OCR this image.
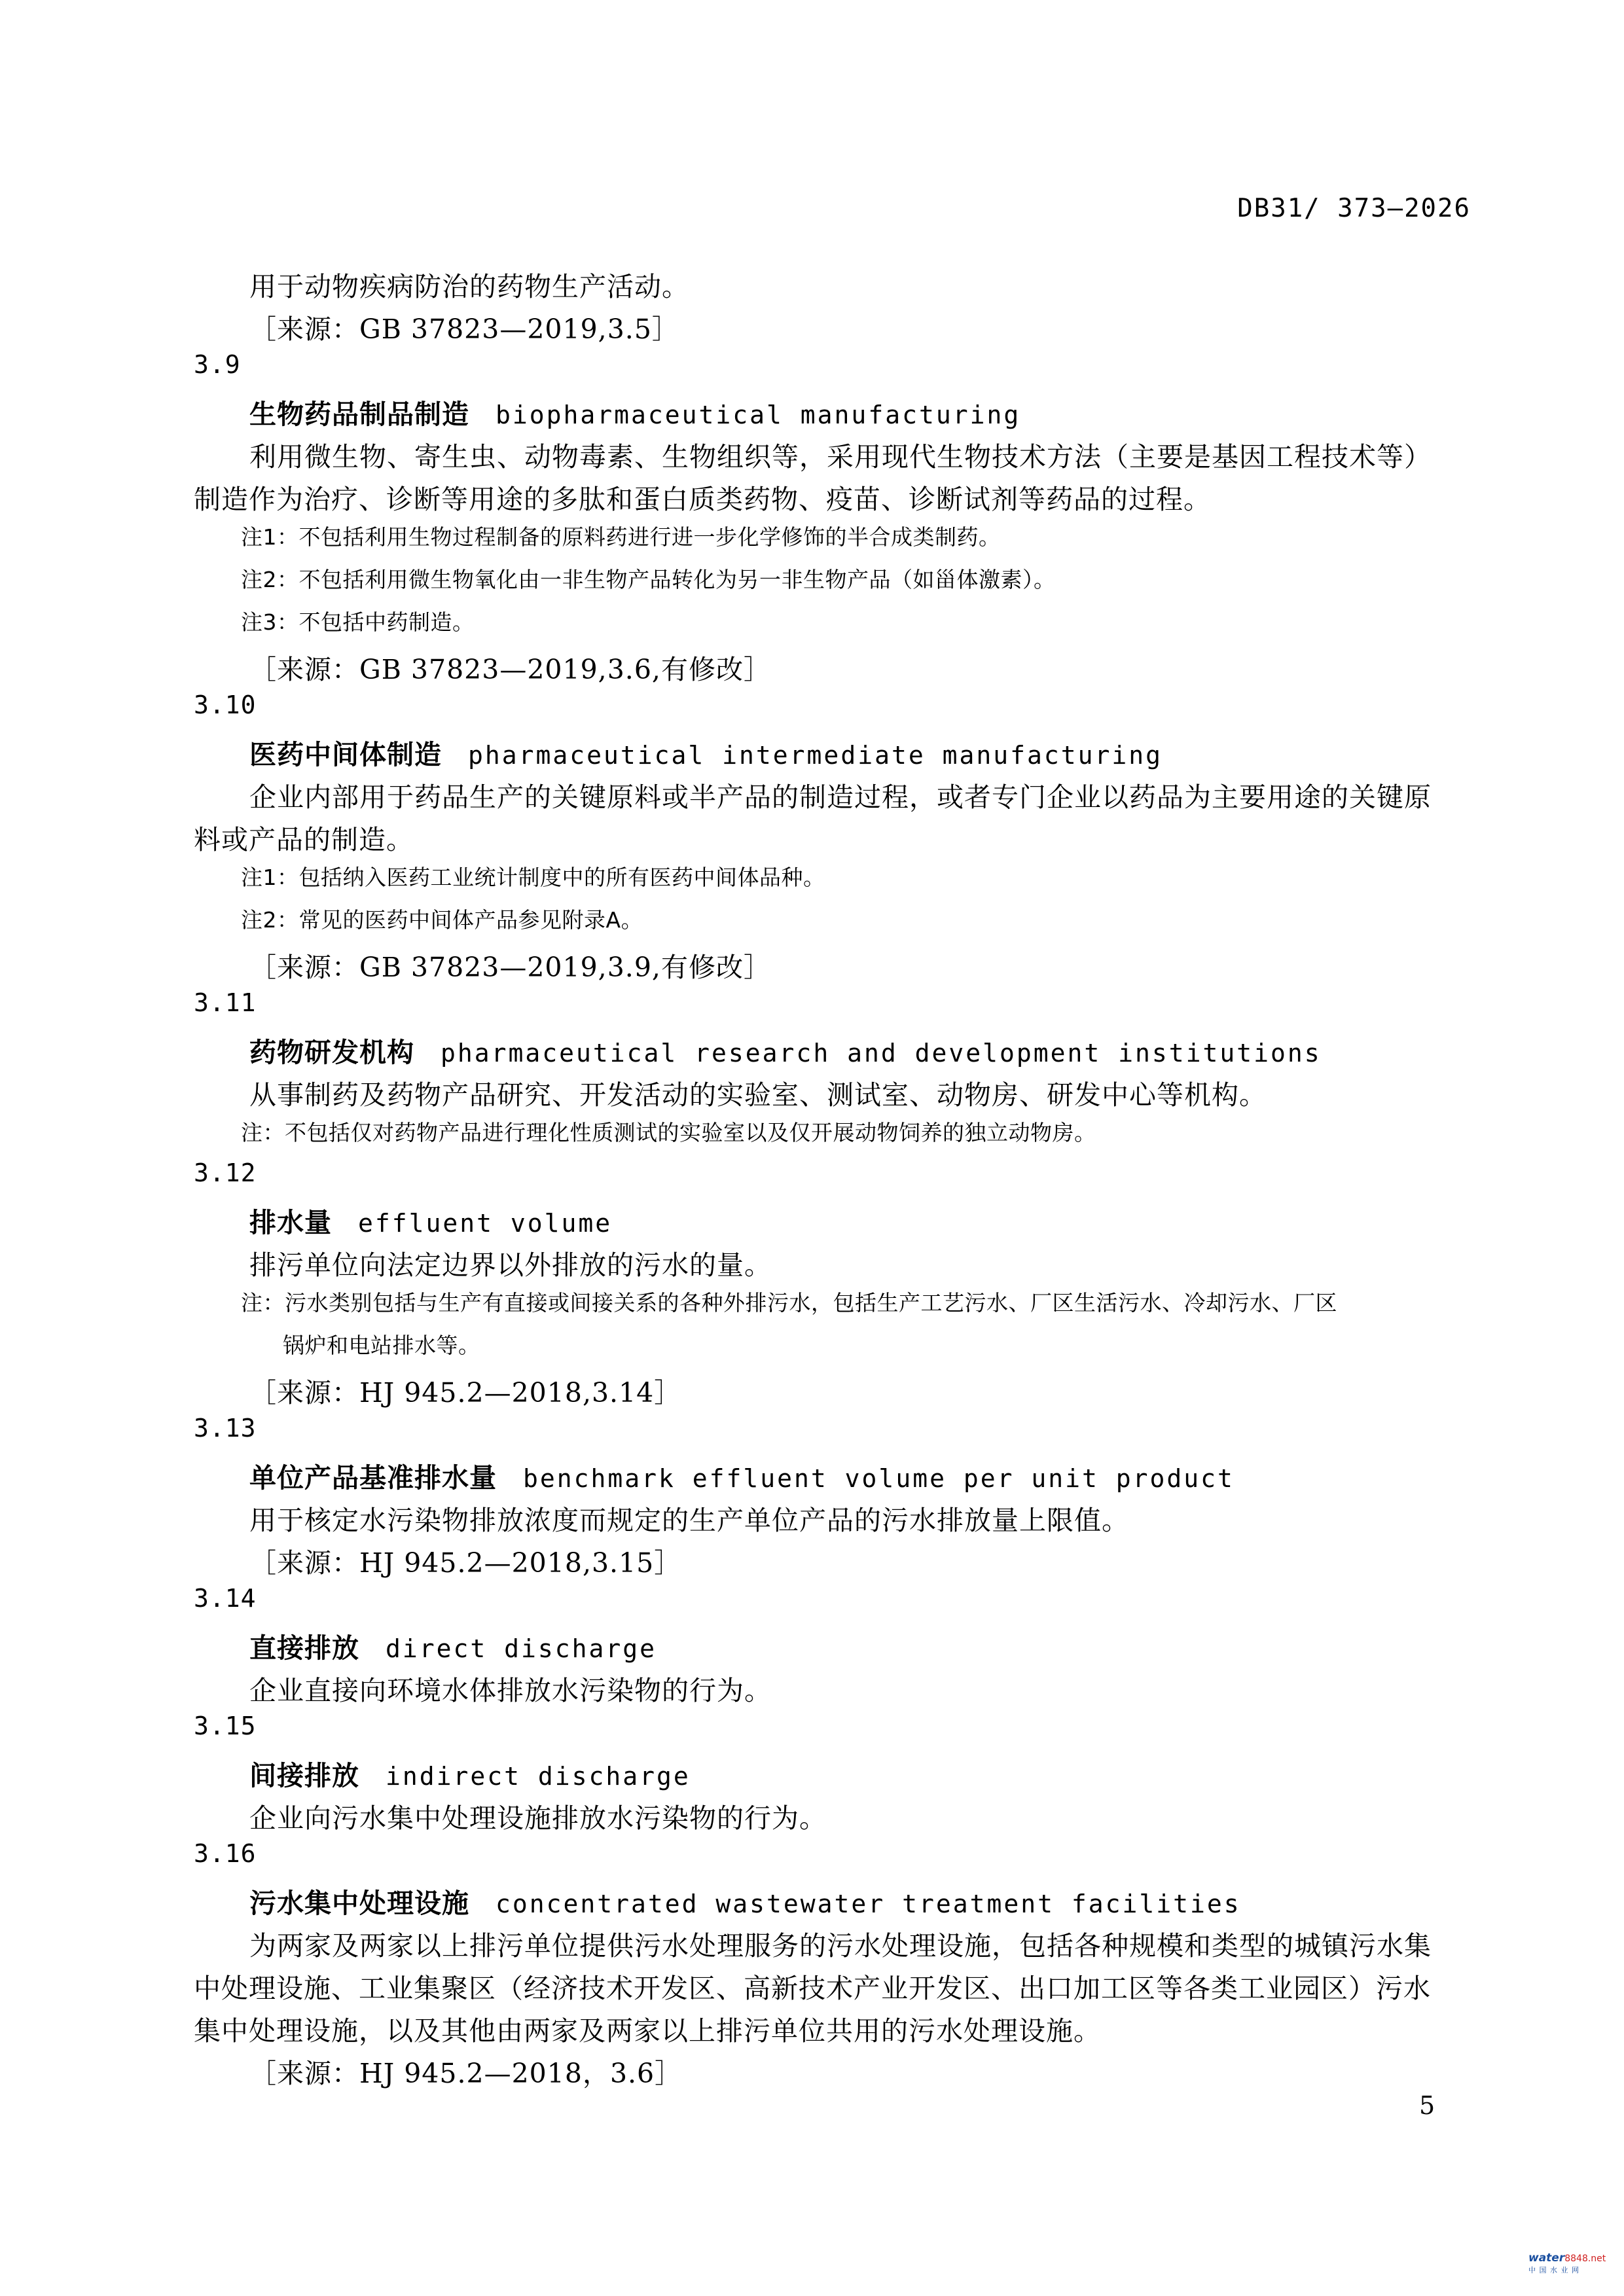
DB31/ 373—2026
用于动物疾病防治的药物生产活动。
［来源：GB 37823—2019,3.5］
3.9
生物药品制品制造 biopharmaceutical manufacturing
利用微生物、寄生虫、动物毒素、生物组织等，采用现代生物技术方法（主要是基因工程技术等）
制造作为治疗、诊断等用途的多肽和蛋白质类药物、疫苗、诊断试剂等药品的过程。
注1：不包括利用生物过程制备的原料药进行进一步化学修饰的半合成类制药。
注2：不包括利用微生物氧化由一非生物产品转化为另一非生物产品（如甾体激素）。
注3：不包括中药制造。
［来源：GB 37823—2019,3.6,有修改］
3.10
医药中间体制造 pharmaceutical intermediate manufacturing
企业内部用于药品生产的关键原料或半产品的制造过程，或者专门企业以药品为主要用途的关键原
料或产品的制造。
注1：包括纳入医药工业统计制度中的所有医药中间体品种。
注2：常见的医药中间体产品参见附录A。
［来源：GB 37823—2019,3.9,有修改］
3.11
药物研发机构 pharmaceutical research and development institutions
从事制药及药物产品研究、开发活动的实验室、测试室、动物房、研发中心等机构。
注：不包括仅对药物产品进行理化性质测试的实验室以及仅开展动物饲养的独立动物房。
3.12
排水量 effluent volume
排污单位向法定边界以外排放的污水的量。
注：污水类别包括与生产有直接或间接关系的各种外排污水，包括生产工艺污水、厂区生活污水、冷却污水、厂区
锅炉和电站排水等。
［来源：HJ 945.2—2018,3.14］
3.13
单位产品基准排水量 benchmark effluent volume per unit product
用于核定水污染物排放浓度而规定的生产单位产品的污水排放量上限值。
［来源：HJ 945.2—2018,3.15］
3.14
直接排放 direct discharge
企业直接向环境水体排放水污染物的行为。
3.15
间接排放 indirect discharge
企业向污水集中处理设施排放水污染物的行为。
3.16
污水集中处理设施 concentrated wastewater treatment facilities
为两家及两家以上排污单位提供污水处理服务的污水处理设施，包括各种规模和类型的城镇污水集
中处理设施、工业集聚区（经济技术开发区、高新技术产业开发区、出口加工区等各类工业园区）污水
集中处理设施，以及其他由两家及两家以上排污单位共用的污水处理设施。
［来源：HJ 945.2—2018，3.6］
5
water8848.net
中 国 水 业 网
